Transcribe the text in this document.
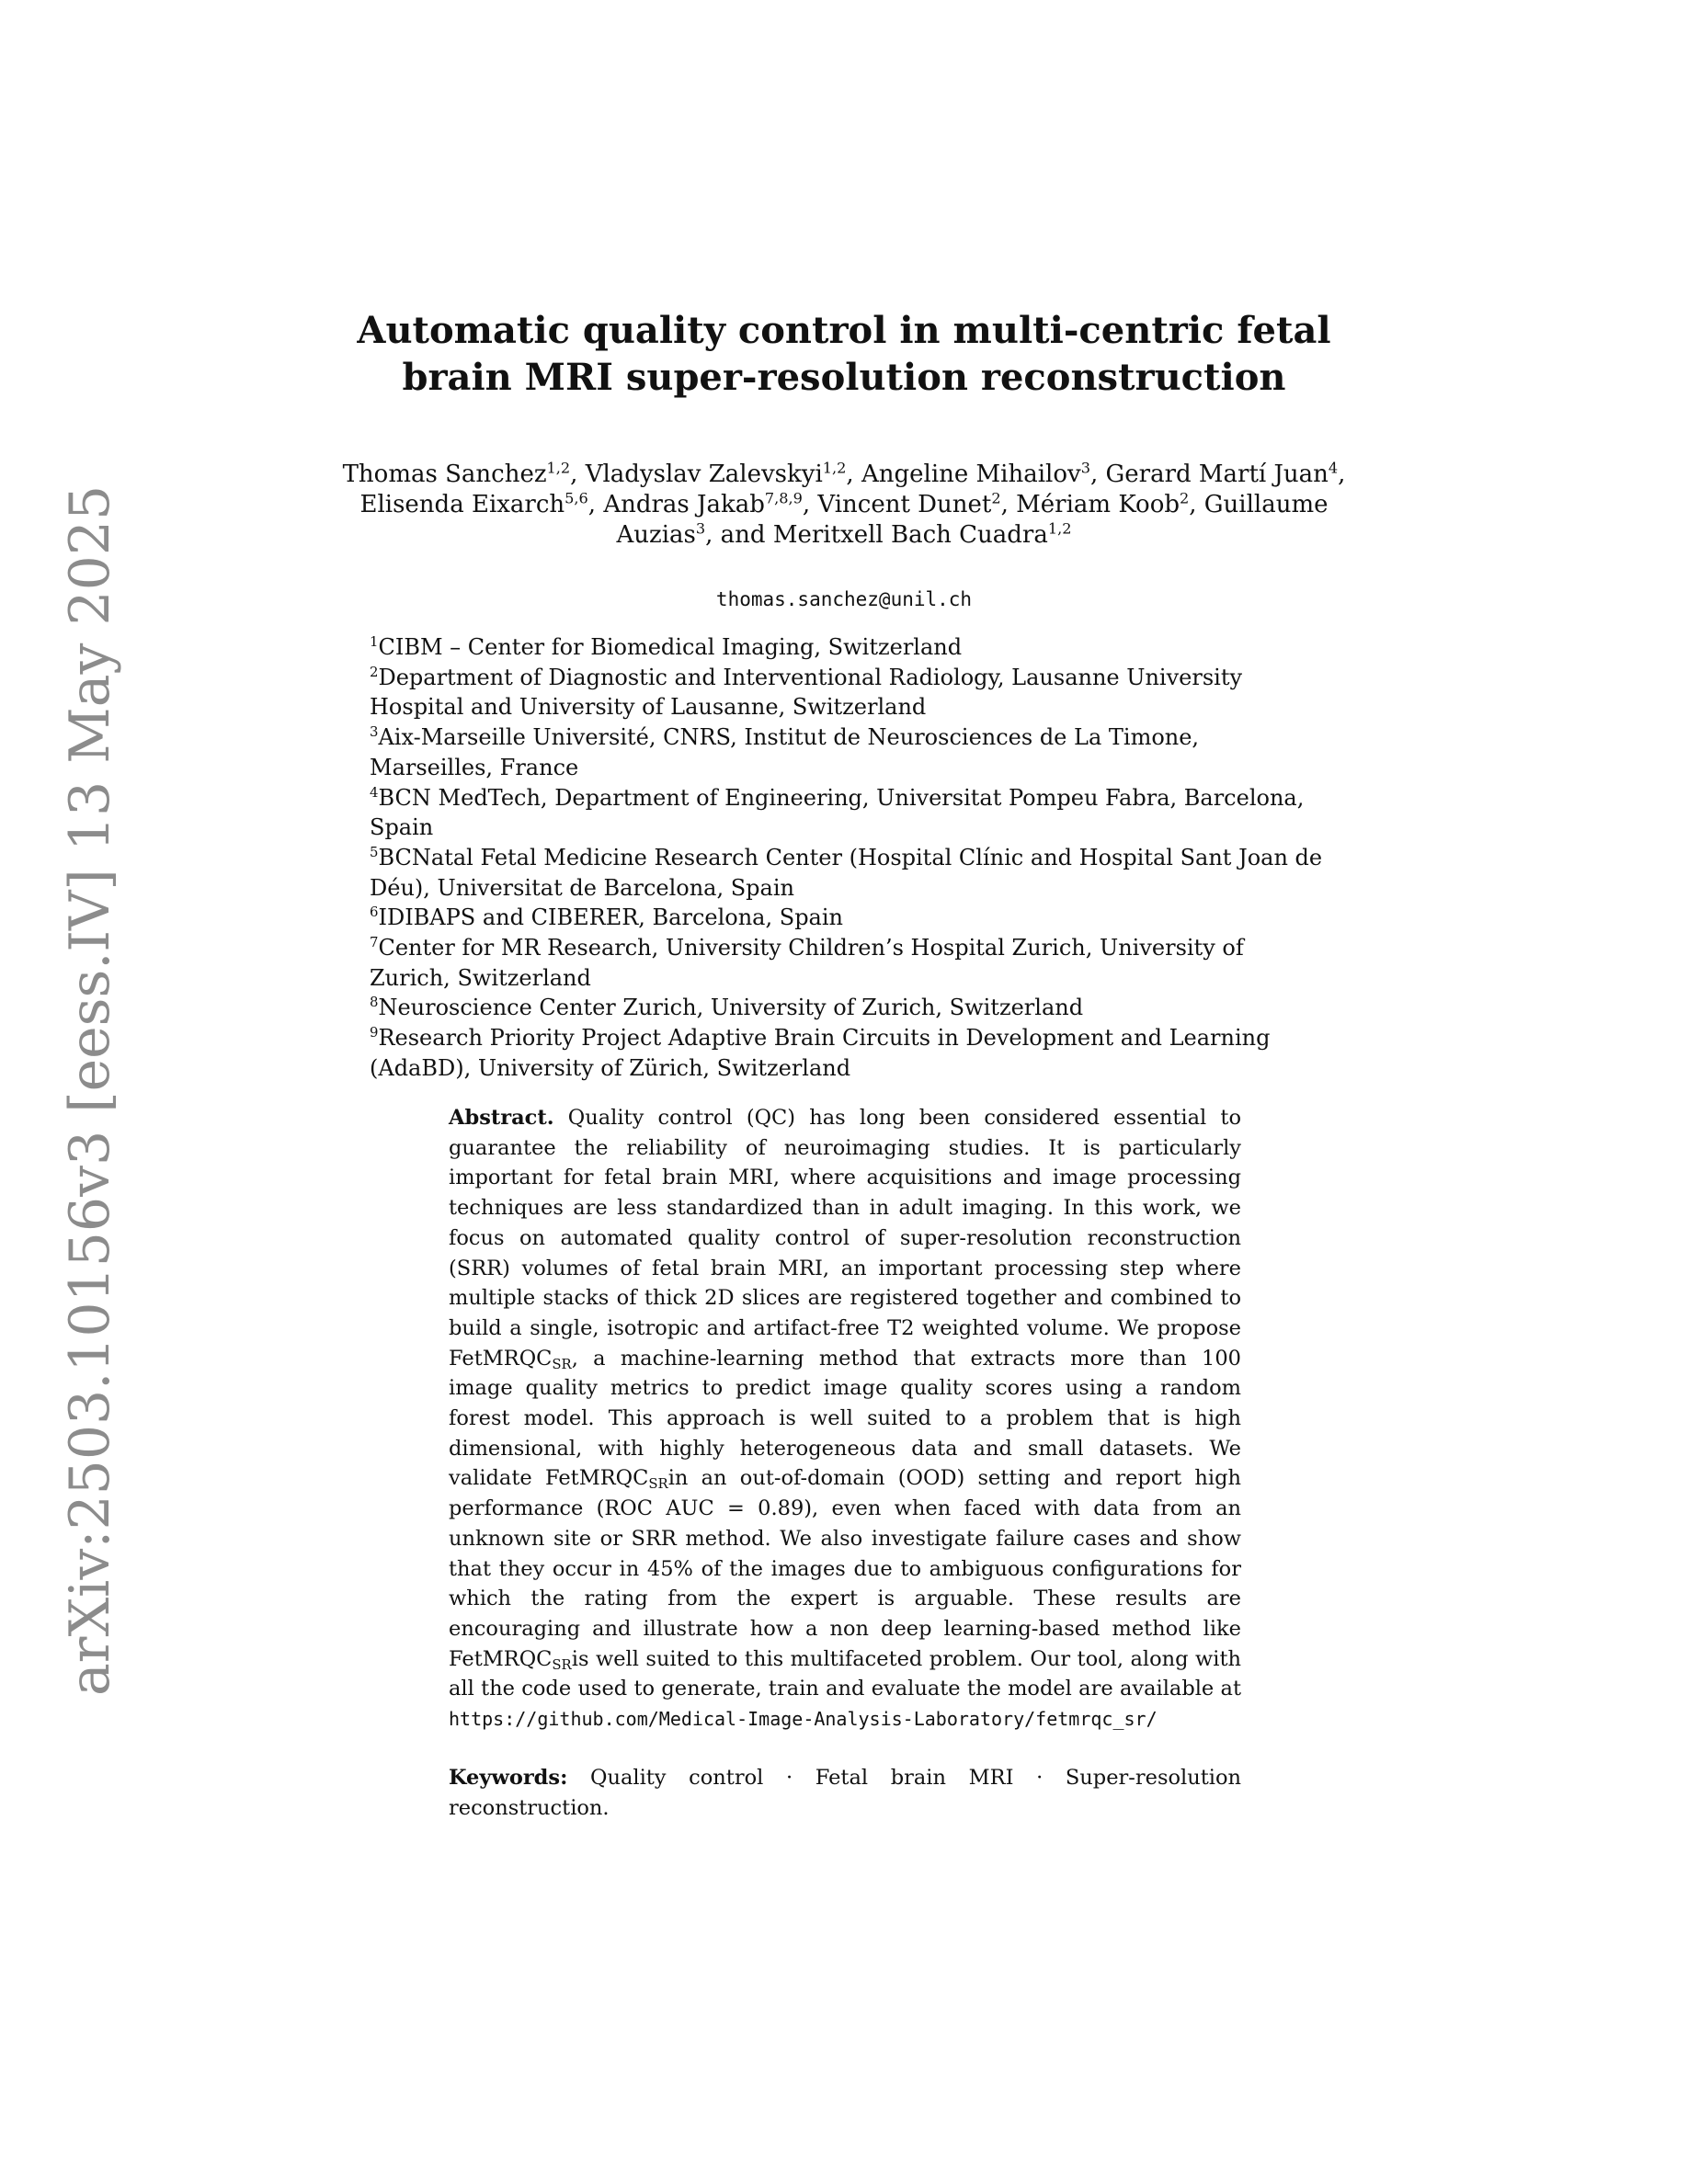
arXiv:2503.10156v3 [eess.IV] 13 May 2025
Automatic quality control in multi-centric fetal
brain MRI super-resolution reconstruction

Thomas Sanchez$^{1,2}$, Vladyslav Zalevskyi$^{1,2}$, Angeline Mihailov$^3$, Gerard Martí Juan$^4$, Elisenda Eixarch$^{5,6}$, Andras Jakab$^{7,8,9}$, Vincent Dunet$^2$, Mériam Koob$^2$, Guillaume Auzias$^3$, and Meritxell Bach Cuadra$^{1,2}$

thomas.sanchez@unil.ch

$^1$CIBM – Center for Biomedical Imaging, Switzerland
$^2$Department of Diagnostic and Interventional Radiology, Lausanne University Hospital and University of Lausanne, Switzerland
$^3$Aix-Marseille Université, CNRS, Institut de Neurosciences de La Timone, Marseilles, France
$^4$BCN MedTech, Department of Engineering, Universitat Pompeu Fabra, Barcelona, Spain
$^5$BCNatal Fetal Medicine Research Center (Hospital Clínic and Hospital Sant Joan de Déu), Universitat de Barcelona, Spain
$^6$IDIBAPS and CIBERER, Barcelona, Spain
$^7$Center for MR Research, University Children’s Hospital Zurich, University of Zurich, Switzerland
$^8$Neuroscience Center Zurich, University of Zurich, Switzerland
$^9$Research Priority Project Adaptive Brain Circuits in Development and Learning (AdaBD), University of Zürich, Switzerland

Abstract. Quality control (QC) has long been considered essential to guarantee the reliability of neuroimaging studies. It is particularly important for fetal brain MRI, where acquisitions and image processing techniques are less standardized than in adult imaging. In this work, we focus on automated quality control of super-resolution reconstruction (SRR) volumes of fetal brain MRI, an important processing step where multiple stacks of thick 2D slices are registered together and combined to build a single, isotropic and artifact-free T2 weighted volume. We propose FetMRQC$_{SR}$, a machine-learning method that extracts more than 100 image quality metrics to predict image quality scores using a random forest model. This approach is well suited to a problem that is high dimensional, with highly heterogeneous data and small datasets. We validate FetMRQC$_{SR}$in an out-of-domain (OOD) setting and report high performance (ROC AUC = 0.89), even when faced with data from an unknown site or SRR method. We also investigate failure cases and show that they occur in 45% of the images due to ambiguous configurations for which the rating from the expert is arguable. These results are encouraging and illustrate how a non deep learning-based method like FetMRQC$_{SR}$is well suited to this multifaceted problem. Our tool, along with all the code used to generate, train and evaluate the model are available at https://github.com/Medical-Image-Analysis-Laboratory/fetmrqc_sr/

Keywords: Quality control · Fetal brain MRI · Super-resolution reconstruction.
